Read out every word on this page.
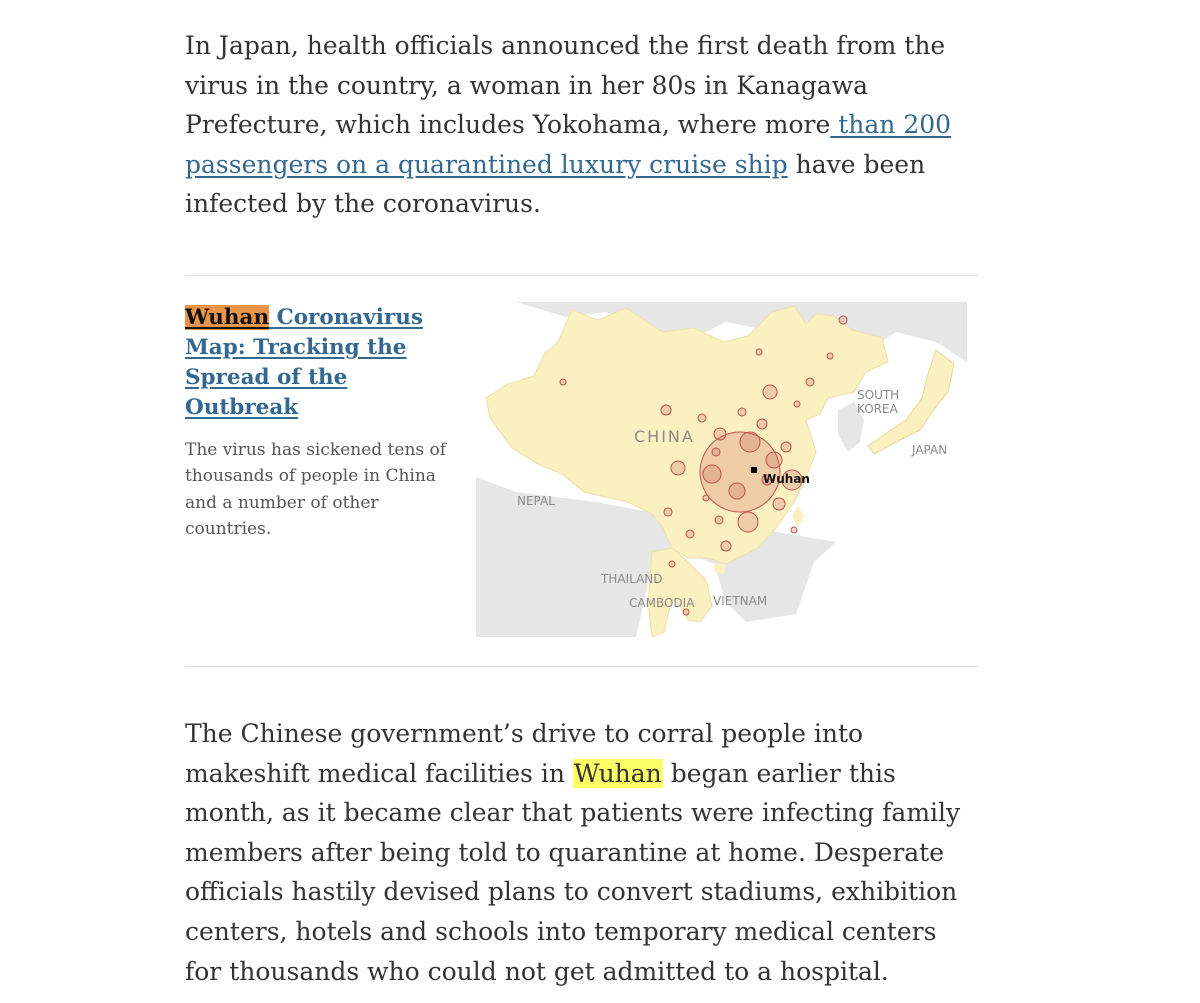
In Japan, health officials announced the first death from the virus in the country, a woman in her 80s in Kanagawa Prefecture, which includes Yokohama, where more than 200 passengers on a quarantined luxury cruise ship have been infected by the coronavirus.

Wuhan Coronavirus Map: Tracking the Spread of the Outbreak

The virus has sickened tens of thousands of people in China and a number of other countries.

CHINA
SOUTH
KOREA
JAPAN
NEPAL
THAILAND
CAMBODIA VIETNAM
Wuhan

The Chinese government’s drive to corral people into makeshift medical facilities in Wuhan began earlier this month, as it became clear that patients were infecting family members after being told to quarantine at home. Desperate officials hastily devised plans to convert stadiums, exhibition centers, hotels and schools into temporary medical centers for thousands who could not get admitted to a hospital.
